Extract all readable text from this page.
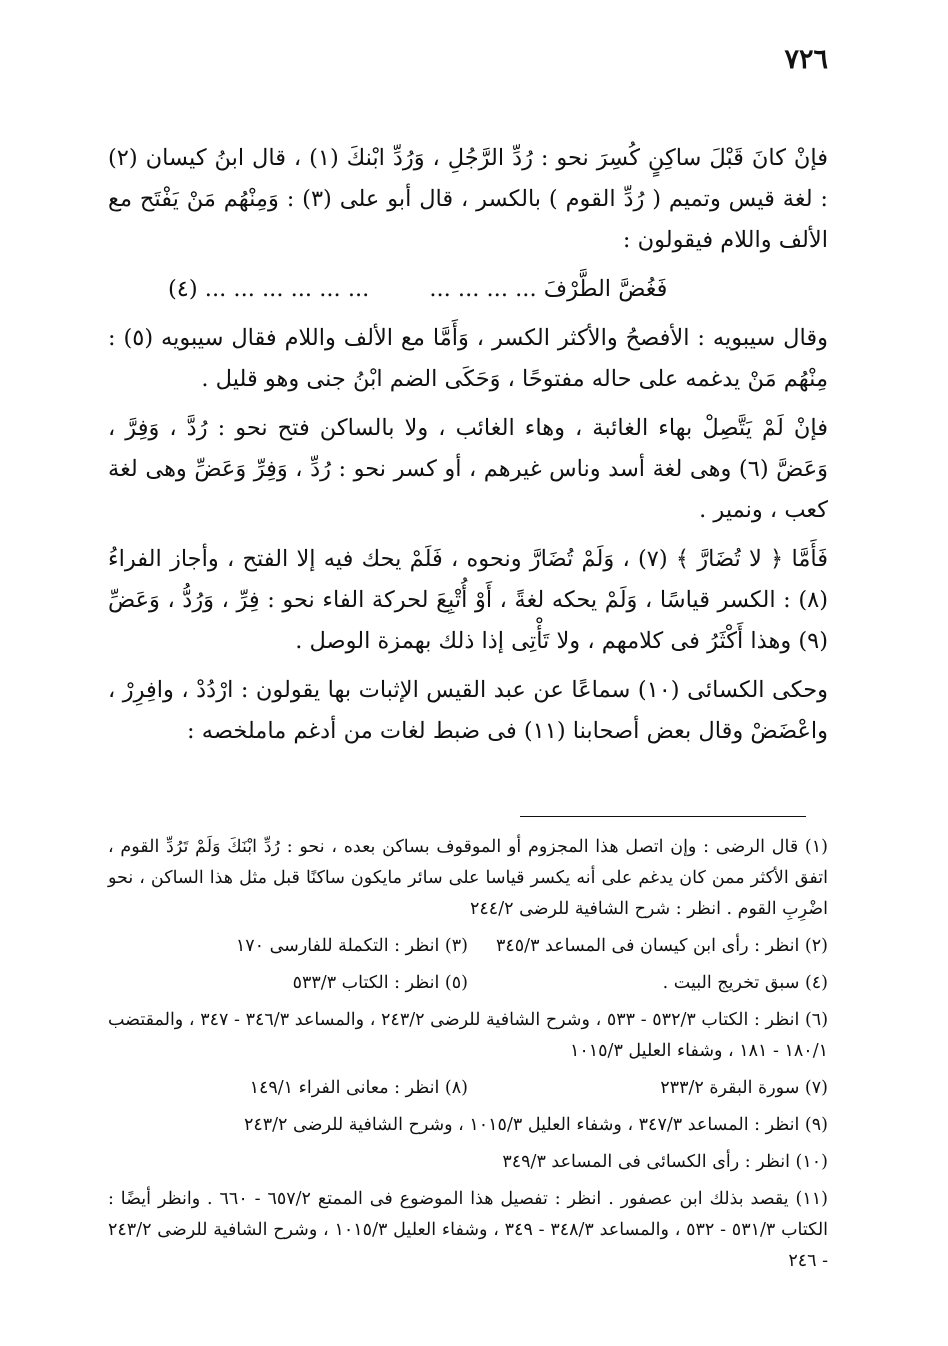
٧٢٦

فإنْ كانَ قَبْلَ ساكِنٍ كُسِرَ نحو : رُدِّ الرَّجُلِ ، وَرُدِّ ابْنكَ (١) ، قال ابنُ كيسان (٢) : لغة قيس وتميم ( رُدِّ القوم ) بالكسر ، قال أبو على (٣) : وَمِنْهُم مَنْ يَفْتَح مع الألف واللام فيقولون :

فَغُضَّ الطَّرْفَ ... ... ... ...
... ... ... ... ... ... (٤)

وقال سيبويه : الأفصحُ والأكثر الكسر ، وَأَمَّا مع الألف واللام فقال سيبويه (٥) : مِنْهُم مَنْ يدغمه على حاله مفتوحًا ، وَحَكَى الضم ابْنُ جنى وهو قليل .

فإنْ لَمْ يَتَّصِلْ بهاء الغائبة ، وهاء الغائب ، ولا بالساكن فتح نحو : رُدَّ ، وَفِرَّ ، وَعَضَّ (٦) وهى لغة أسد وناس غيرهم ، أو كسر نحو : رُدِّ ، وَفِرِّ وَعَضِّ وهى لغة كعب ، ونمير .

فَأَمَّا ﴿ لا تُضَارَّ ﴾ (٧) ، وَلَمْ تُضَارَّ ونحوه ، فَلَمْ يحك فيه إلا الفتح ، وأجاز الفراءُ (٨) : الكسر قياسًا ، وَلَمْ يحكه لغةً ، أَوْ أُتْبِعَ لحركة الفاء نحو : فِرِّ ، وَرُدُّ ، وَعَضِّ (٩) وهذا أَكْثَرُ فى كلامهم ، ولا تَأْتِى إذا ذلك بهمزة الوصل .

وحكى الكسائى (١٠) سماعًا عن عبد القيس الإثبات بها يقولون : ارْدُدْ ، وافِرِرْ ، واعْضَضْ وقال بعض أصحابنا (١١) فى ضبط لغات من أدغم ماملخصه :

(١) قال الرضى : وإن اتصل هذا المجزوم أو الموقوف بساكن بعده ، نحو : رُدِّ ابْنَكَ وَلَمْ تَرُدِّ القوم ، اتفق الأكثر ممن كان يدغم على أنه يكسر قياسا على سائر مايكون ساكنًا قبل مثل هذا الساكن ، نحو اضْرِبِ القوم . انظر : شرح الشافية للرضى ٢٤٤/٢
(٢) انظر : رأى ابن كيسان فى المساعد ٣٤٥/٣
(٣) انظر : التكملة للفارسى ١٧٠
(٤) سبق تخريج البيت .
(٥) انظر : الكتاب ٥٣٣/٣
(٦) انظر : الكتاب ٥٣٢/٣ - ٥٣٣ ، وشرح الشافية للرضى ٢٤٣/٢ ، والمساعد ٣٤٦/٣ - ٣٤٧ ، والمقتضب ١٨٠/١ - ١٨١ ، وشفاء العليل ١٠١٥/٣
(٧) سورة البقرة ٢٣٣/٢
(٨) انظر : معانى الفراء ١٤٩/١
(٩) انظر : المساعد ٣٤٧/٣ ، وشفاء العليل ١٠١٥/٣ ، وشرح الشافية للرضى ٢٤٣/٢
(١٠) انظر : رأى الكسائى فى المساعد ٣٤٩/٣
(١١) يقصد بذلك ابن عصفور . انظر : تفصيل هذا الموضوع فى الممتع ٦٥٧/٢ - ٦٦٠ . وانظر أيضًا : الكتاب ٥٣١/٣ - ٥٣٢ ، والمساعد ٣٤٨/٣ - ٣٤٩ ، وشفاء العليل ١٠١٥/٣ ، وشرح الشافية للرضى ٢٤٣/٢ - ٢٤٦
